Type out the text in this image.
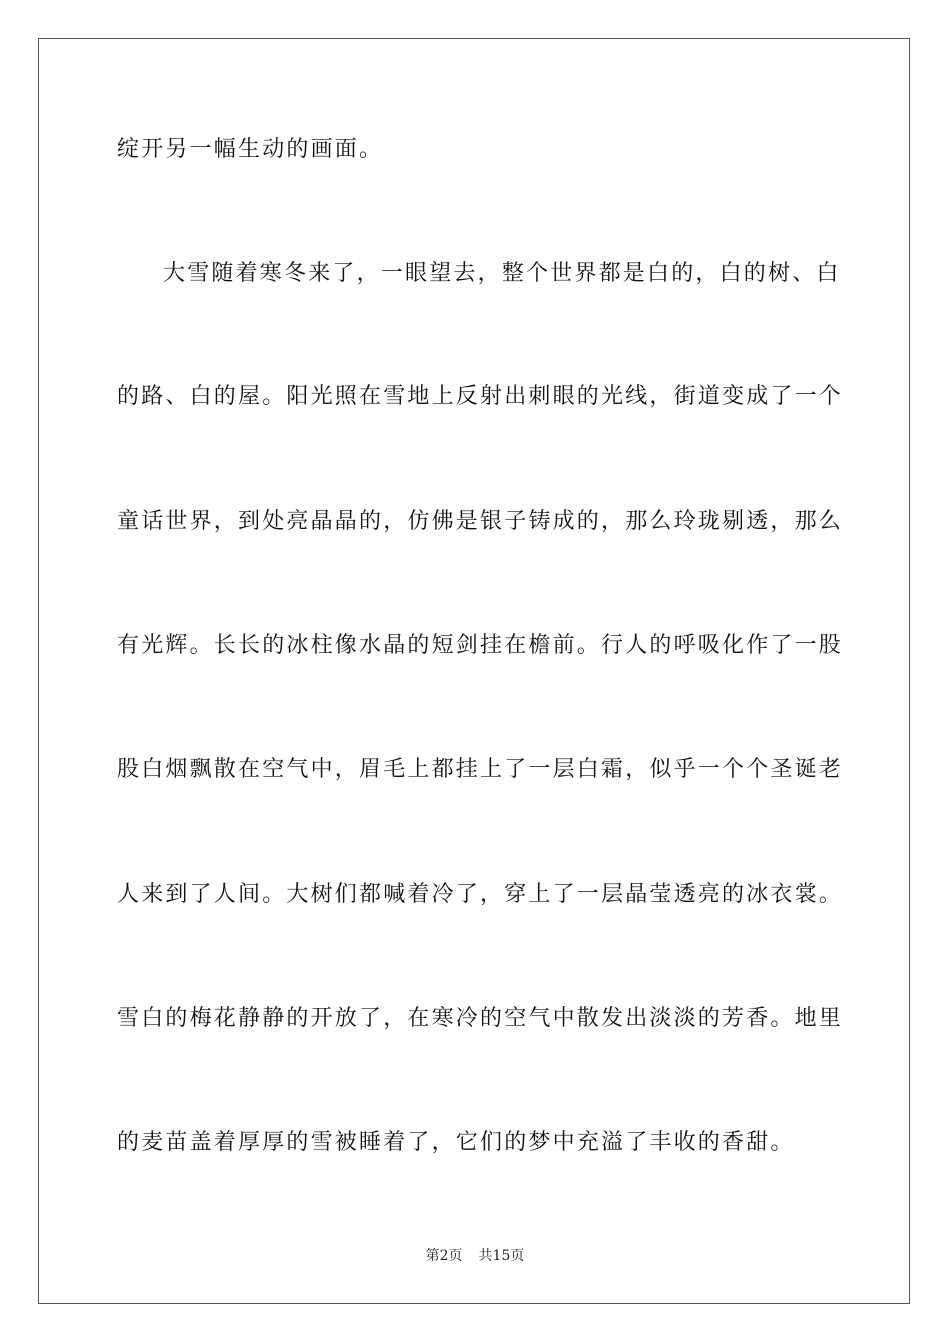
绽开另一幅生动的画面。
大雪随着寒冬来了，一眼望去，整个世界都是白的，白的树、白
的路、白的屋。阳光照在雪地上反射出刺眼的光线，街道变成了一个
童话世界，到处亮晶晶的，仿佛是银子铸成的，那么玲珑剔透，那么
有光辉。长长的冰柱像水晶的短剑挂在檐前。行人的呼吸化作了一股
股白烟飘散在空气中，眉毛上都挂上了一层白霜，似乎一个个圣诞老
人来到了人间。大树们都喊着冷了，穿上了一层晶莹透亮的冰衣裳。
雪白的梅花静静的开放了，在寒冷的空气中散发出淡淡的芳香。地里
的麦苗盖着厚厚的雪被睡着了，它们的梦中充溢了丰收的香甜。
第2页 共15页
